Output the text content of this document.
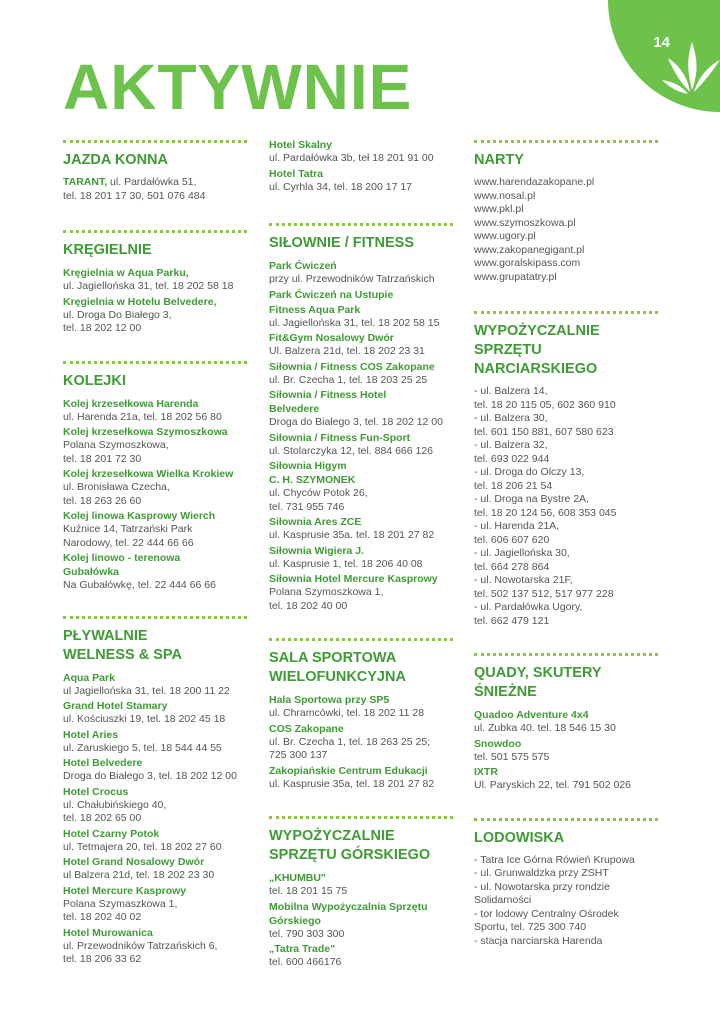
14
AKTYWNIE
JAZDA KONNA
TARANT, ul. Pardałówka 51,
tel. 18 201 17 30, 501 076 484
KRĘGIELNIE
Kręgielnia w Aqua Parku,
ul. Jagiellońska 31, tel. 18 202 58 18
Kręgielnia w Hotelu Belvedere,
ul. Droga Do Białego 3,
tel. 18 202 12 00
KOLEJKI
Kolej krzesełkowa Harenda
ul. Harenda 21a, tel. 18 202 56 80
Kolej krzesełkowa Szymoszkowa
Polana Szymoszkowa,
tel. 18 201 72 30
Kolej krzesełkowa Wielka Krokiew
ul. Bronisława Czecha,
tel. 18 263 26 60
Kolej linowa Kasprowy Wierch
Kuźnice 14, Tatrzański Park
Narodowy, tel. 22 444 66 66
Kolej linowo - terenowa
Gubałówka
Na Gubałówkę, tel. 22 444 66 66
PŁYWALNIE
WELNESS & SPA
Aqua Park
ul Jagiellońska 31, tel. 18 200 11 22
Grand Hotel Stamary
ul. Kościuszki 19, tel. 18 202 45 18
Hotel Aries
ul. Zaruskiego 5, tel. 18 544 44 55
Hotel Belvedere
Droga do Białego 3, tel. 18 202 12 00
Hotel Crocus
ul. Chałubińskiego 40,
tel. 18 202 65 00
Hotel Czarny Potok
ul. Tetmajera 20, tel. 18 202 27 60
Hotel Grand Nosalowy Dwór
ul Balzera 21d, tel. 18 202 23 30
Hotel Mercure Kasprowy
Polana Szymaszkowa 1,
tel. 18 202 40 02
Hotel Murowanica
ul. Przewodników Tatrzańskich 6,
tel. 18 206 33 62
Hotel Skalny
ul. Pardałówka 3b, teł 18 201 91 00
Hotel Tatra
ul. Cyrhla 34, tel. 18 200 17 17
SIŁOWNIE / FITNESS
Park Ćwiczeń
przy ul. Przewodników Tatrzańskich
Park Ćwiczeń na Ustupie
Fitness Aqua Park
ul. Jagiellońska 31, tel. 18 202 58 15
Fit&Gym Nosalowy Dwór
Ul. Balzera 21d, tel. 18 202 23 31
Siłownia / Fitness COS Zakopane
ul. Br. Czecha 1, tel. 18 203 25 25
Siłownia / Fitness Hotel
Belvedere
Droga do Białego 3, tel. 18 202 12 00
Siłownia / Fitness Fun-Sport
ul. Stolarczyka 12, tel. 884 666 126
Siłownia Higym
C. H. SZYMONEK
ul. Chyców Potok 26,
tel. 731 955 746
Siłownia Ares ZCE
ul. Kasprusie 35a. tel. 18 201 27 82
Siłownia Wigiera J.
ul. Kasprusie 1, tel. 18 206 40 08
Siłownia Hotel Mercure Kasprowy
Polana Szymoszkowa 1,
tel. 18 202 40 00
SALA SPORTOWA
WIELOFUNKCYJNA
Hala Sportowa przy SP5
ul. Chramcówki, tel. 18 202 11 28
COS Zakopane
ul. Br. Czecha 1, tel. 18 263 25 25;
725 300 137
Zakopiańskie Centrum Edukacji
ul. Kasprusie 35a, tel. 18 201 27 82
WYPOŻYCZALNIE
SPRZĘTU GÓRSKIEGO
„KHUMBU"
tel. 18 201 15 75
Mobilna Wypożyczalnia Sprzętu
Górskiego
tel. 790 303 300
„Tatra Trade"
tel. 600 466176
NARTY
www.harendazakopane.pl
www.nosal.pl
www.pkl.pl
www.szymoszkowa.pl
www.ugory.pl
www.zakopanegigant.pl
www.goralskipass.com
www.grupatatry.pl
WYPOŻYCZALNIE
SPRZĘTU
NARCIARSKIEGO
- ul. Balzera 14,
tel. 18 20 115 05, 602 360 910
- ul. Balzera 30,
tel. 601 150 881, 607 580 623
- ul. Balzera 32,
tel. 693 022 944
- ul. Droga do Olczy 13,
tel. 18 206 21 54
- ul. Droga na Bystre 2A,
tel. 18 20 124 56, 608 353 045
- ul. Harenda 21A,
tel. 606 607 620
- ul. Jagiellońska 30,
tel. 664 278 864
- ul. Nowotarska 21F,
tel. 502 137 512, 517 977 228
- ul. Pardałówka Ugory,
tel. 662 479 121
QUADY, SKUTERY
ŚNIEŻNE
Quadoo Adventure 4x4
ul. Zubka 40. tel. 18 546 15 30
Snowdoo
tel. 501 575 575
IXTR
Ul. Paryskich 22, tel. 791 502 026
LODOWISKA
- Tatra Ice Górna Rówień Krupowa
- ul. Grunwaldzka przy ZSHT
- ul. Nowotarska przy rondzie
Solidarności
- tor lodowy Centralny Ośrodek
Sportu, tel. 725 300 740
- stacja narciarska Harenda
